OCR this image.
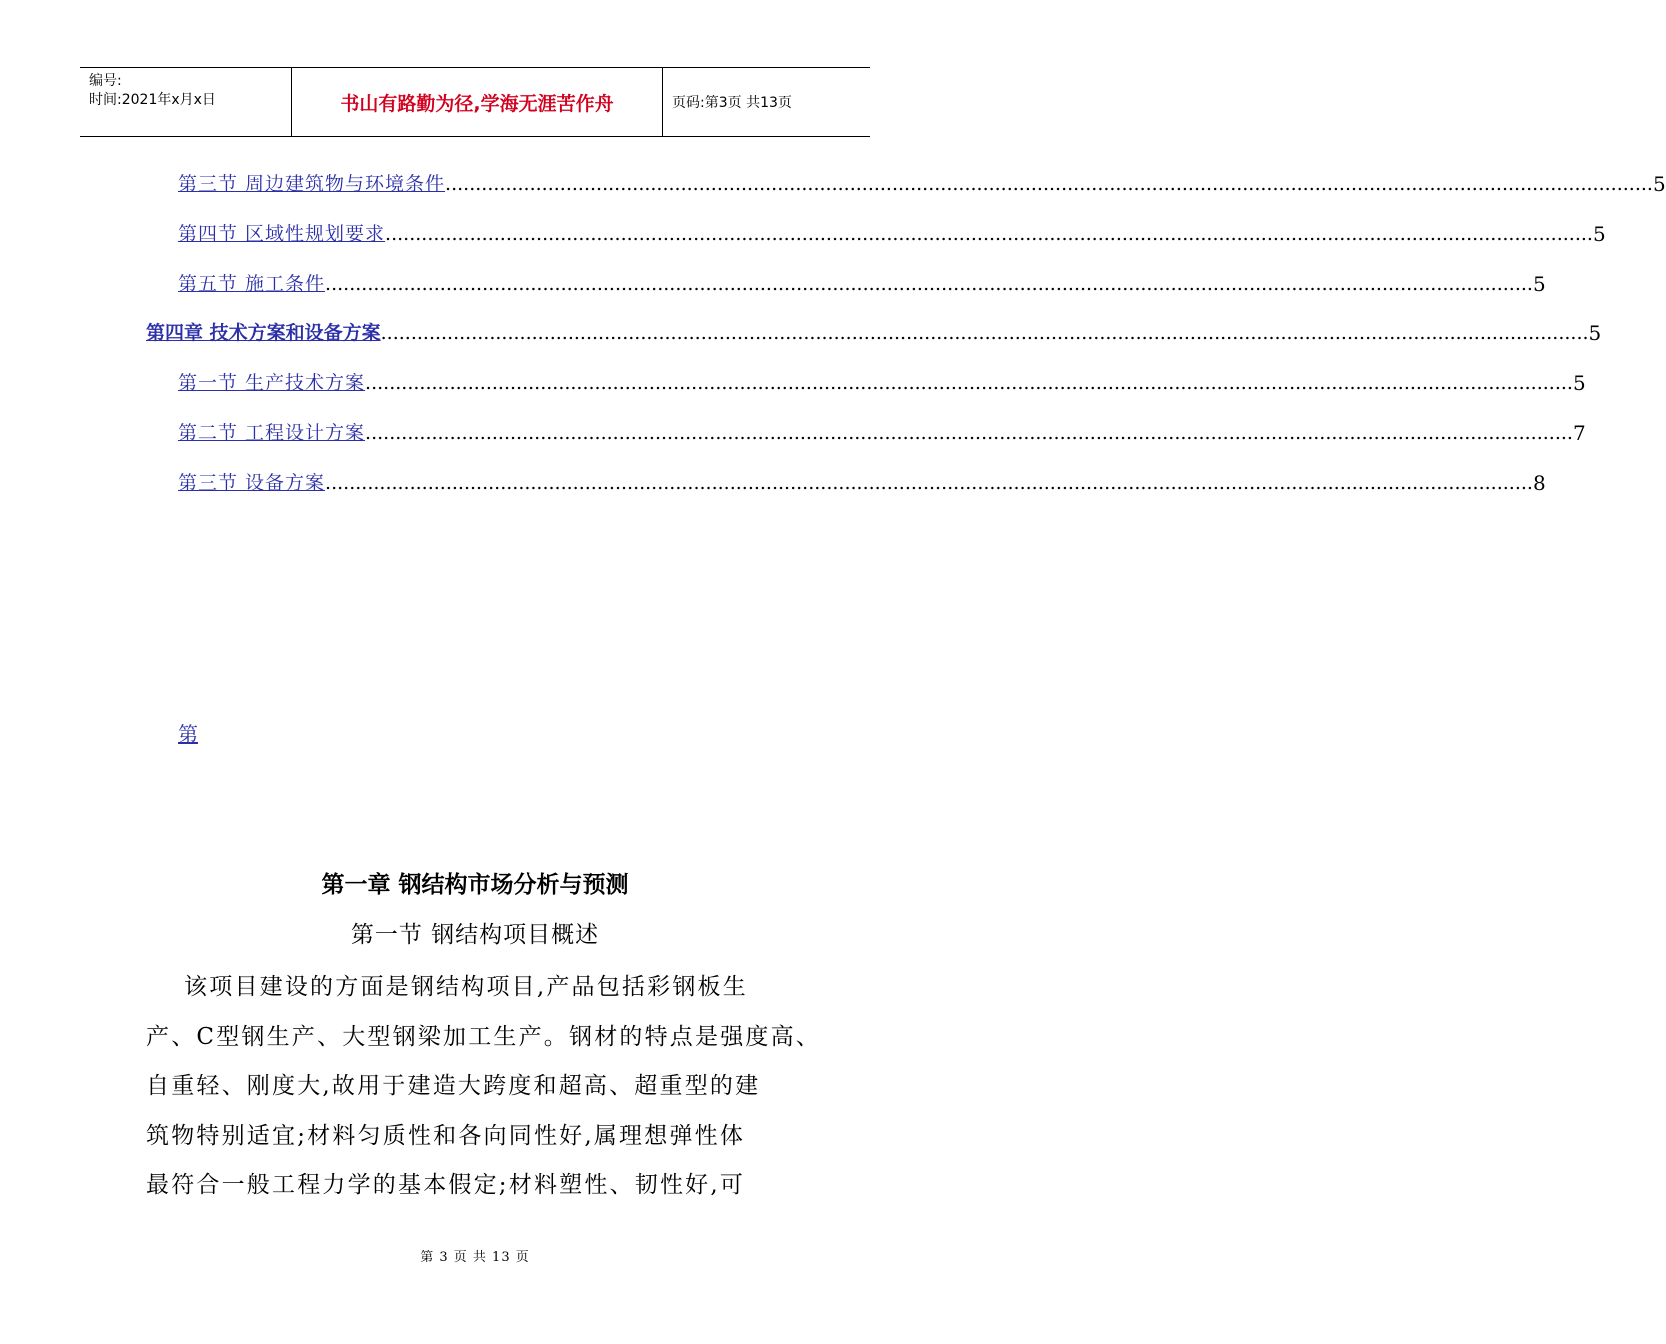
编号:
时间:2021年x月x日	书山有路勤为径,学海无涯苦作舟	页码:第3页 共13页
第三节 周边建筑物与环境条件 ........................................................................................................................................................................................................ 5
第四节 区域性规划要求 ........................................................................................................................................................................................................ 5
第五节 施工条件 ........................................................................................................................................................................................................ 5
第四章 技术方案和设备方案 ........................................................................................................................................................................................................ 5
第一节 生产技术方案 ........................................................................................................................................................................................................ 5
第二节 工程设计方案 ........................................................................................................................................................................................................ 7
第三节 设备方案 ........................................................................................................................................................................................................ 8
第
第一章 钢结构市场分析与预测
第一节 钢结构项目概述
该项目建设的方面是钢结构项目,产品包括彩钢板生
产、C型钢生产、大型钢梁加工生产。钢材的特点是强度高、
自重轻、刚度大,故用于建造大跨度和超高、超重型的建
筑物特别适宜;材料匀质性和各向同性好,属理想弹性体
最符合一般工程力学的基本假定;材料塑性、韧性好,可
第 3 页 共 13 页
